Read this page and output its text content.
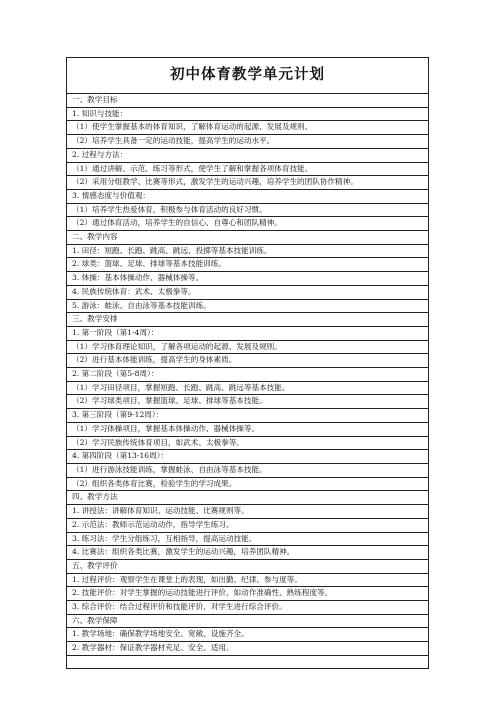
初中体育教学单元计划
一、教学目标
1. 知识与技能：
（1）使学生掌握基本的体育知识，了解体育运动的起源、发展及规则。
（2）培养学生具备一定的运动技能，提高学生的运动水平。
2. 过程与方法：
（1）通过讲解、示范、练习等形式，使学生了解和掌握各项体育技能。
（2）采用分组教学、比赛等形式，激发学生的运动兴趣，培养学生的团队协作精神。
3. 情感态度与价值观：
（1）培养学生热爱体育，积极参与体育活动的良好习惯。
（2）通过体育活动，培养学生的自信心、自尊心和团队精神。
二、教学内容
1. 田径：短跑、长跑、跳高、跳远、投掷等基本技能训练。
2. 球类：篮球、足球、排球等基本技能训练。
3. 体操：基本体操动作、器械体操等。
4. 民族传统体育：武术、太极拳等。
5. 游泳：蛙泳、自由泳等基本技能训练。
三、教学安排
1. 第一阶段（第1-4周）：
（1）学习体育理论知识，了解各项运动的起源、发展及规则。
（2）进行基本体能训练，提高学生的身体素质。
2. 第二阶段（第5-8周）：
（1）学习田径项目，掌握短跑、长跑、跳高、跳远等基本技能。
（2）学习球类项目，掌握篮球、足球、排球等基本技能。
3. 第三阶段（第9-12周）：
（1）学习体操项目，掌握基本体操动作、器械体操等。
（2）学习民族传统体育项目，如武术、太极拳等。
4. 第四阶段（第13-16周）：
（1）进行游泳技能训练，掌握蛙泳、自由泳等基本技能。
（2）组织各类体育比赛，检验学生的学习成果。
四、教学方法
1. 讲授法：讲解体育知识、运动技能、比赛规则等。
2. 示范法：教师示范运动动作，指导学生练习。
3. 练习法：学生分组练习，互相指导，提高运动技能。
4. 比赛法：组织各类比赛，激发学生的运动兴趣，培养团队精神。
五、教学评价
1. 过程评价：观察学生在课堂上的表现，如出勤、纪律、参与度等。
2. 技能评价：对学生掌握的运动技能进行评价，如动作准确性、熟练程度等。
3. 综合评价：结合过程评价和技能评价，对学生进行综合评价。
六、教学保障
1. 教学场地：确保教学场地安全、宽敞、设施齐全。
2. 教学器材：保证教学器材充足、安全、适用。
